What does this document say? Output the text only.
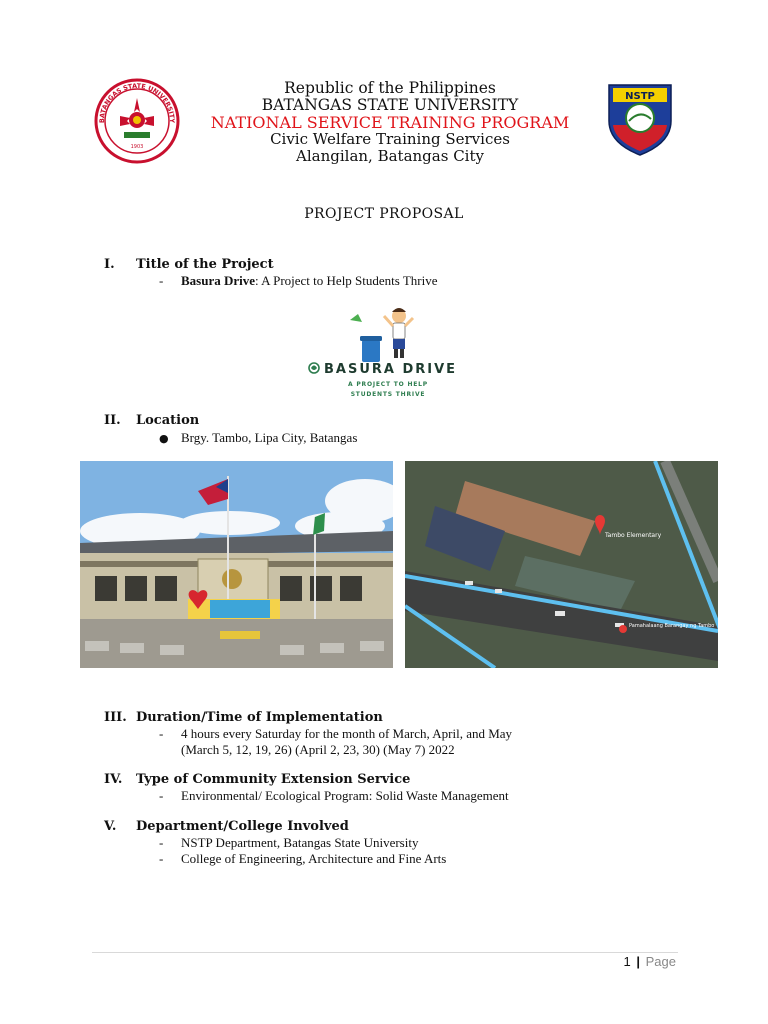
BATANGAS STATE UNIVERSITY
1903
NSTP
Republic of the Philippines
BATANGAS STATE UNIVERSITY
NATIONAL SERVICE TRAINING PROGRAM
Civic Welfare Training Services
Alangilan, Batangas City
PROJECT PROPOSAL
I. Title of the Project
- Basura Drive: A Project to Help Students Thrive
BASURA DRIVE
A PROJECT TO HELP
STUDENTS THRIVE
II. Location
● Brgy. Tambo, Lipa City, Batangas
Tambo Elementary
Pamahalaang Barangay ng Tambo
III. Duration/Time of Implementation
- 4 hours every Saturday for the month of March, April, and May
(March 5, 12, 19, 26) (April 2, 23, 30) (May 7) 2022
IV. Type of Community Extension Service
- Environmental/ Ecological Program: Solid Waste Management
V. Department/College Involved
- NSTP Department, Batangas State University
- College of Engineering, Architecture and Fine Arts
1 | Page
